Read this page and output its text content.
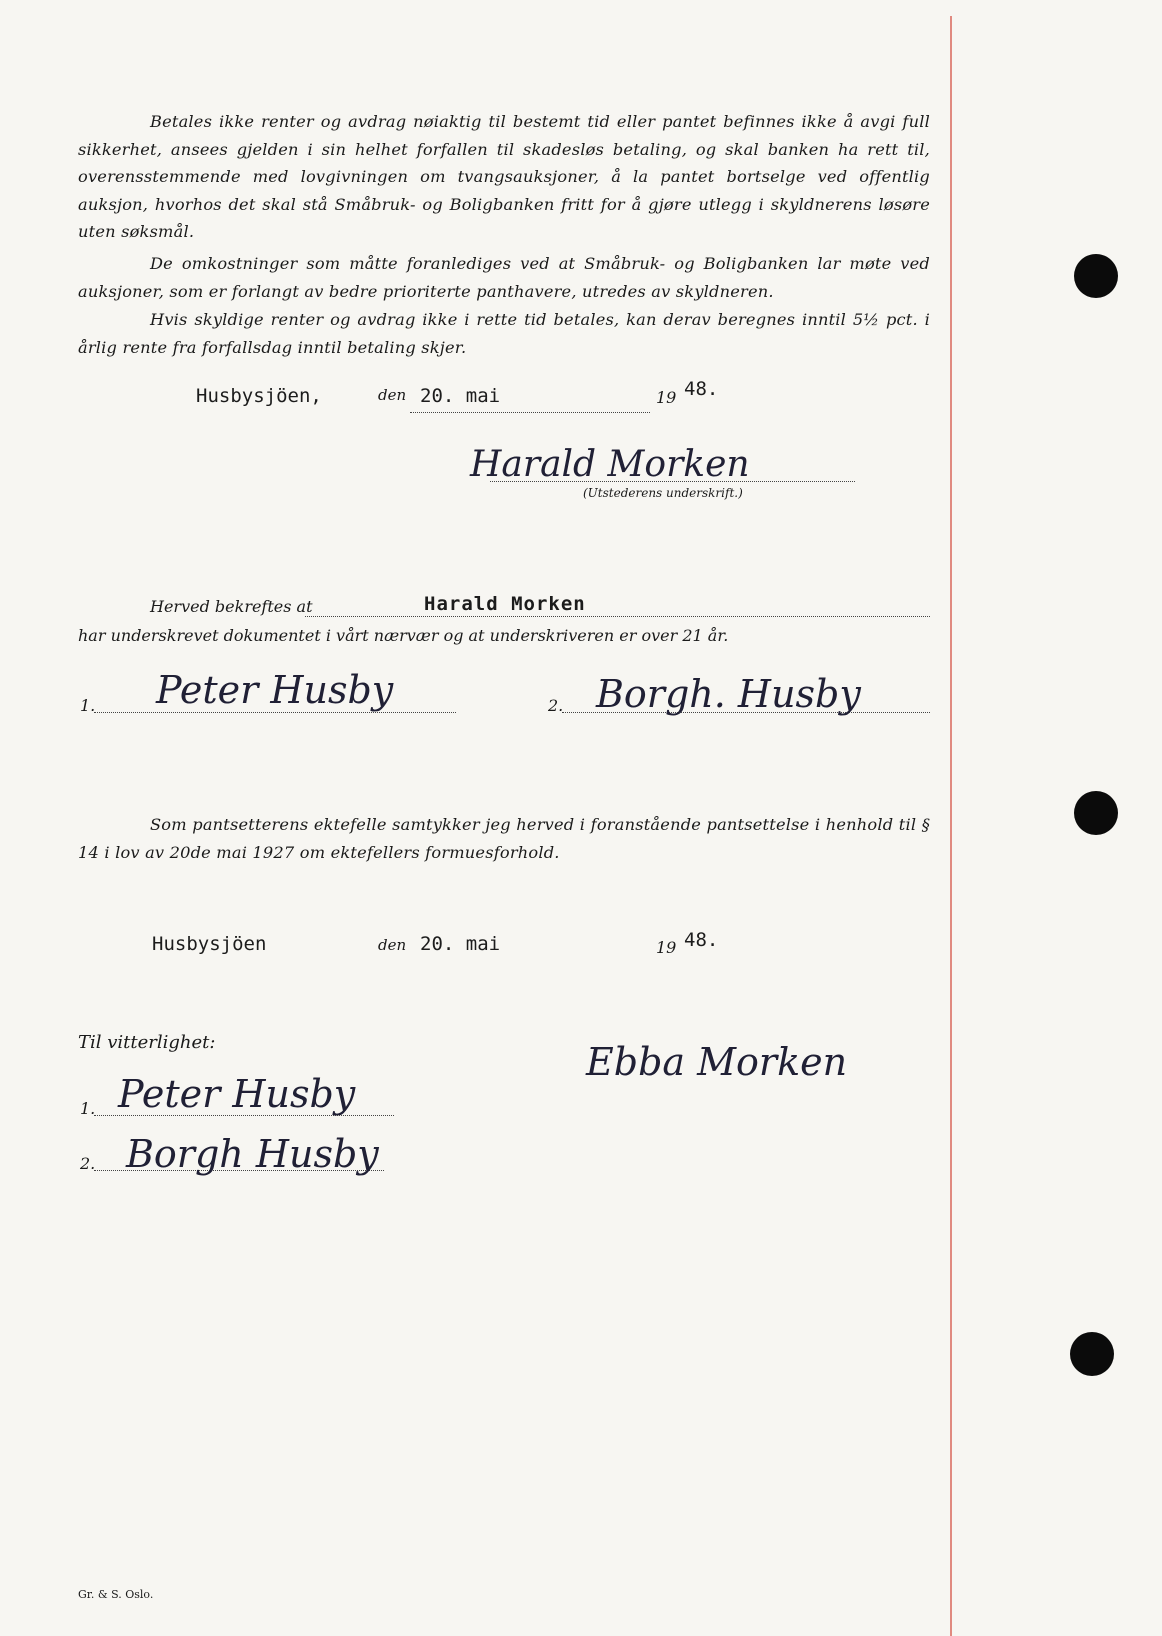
Betales ikke renter og avdrag nøiaktig til bestemt tid eller pantet befinnes ikke å avgi full sikkerhet, ansees gjelden i sin helhet forfallen til skadesløs betaling, og skal banken ha rett til, overensstemmende med lovgivningen om tvangsauksjoner, å la pantet bortselge ved offentlig auksjon, hvorhos det skal stå Småbruk- og Boligbanken fritt for å gjøre utlegg i skyldnerens løsøre uten søksmål.

De omkostninger som måtte foranlediges ved at Småbruk- og Boligbanken lar møte ved auksjoner, som er forlangt av bedre prioriterte panthavere, utredes av skyldneren.

Hvis skyldige renter og avdrag ikke i rette tid betales, kan derav beregnes inntil 5½ pct. i årlig rente fra forfallsdag inntil betaling skjer.

Husbysjöen,	den 20. mai	19 48.
Harald Morken
(Utstederens underskrift.)
Herved bekreftes at	Harald Morken
har underskrevet dokumentet i vårt nærvær og at underskriveren er over 21 år.
1. Peter Husby	2. Borgh. Husby

Som pantsetterens ektefelle samtykker jeg herved i foranstående pantsettelse i henhold til § 14 i lov av 20de mai 1927 om ektefellers formuesforhold.

Husbysjöen	den 20. mai	19 48.
Til vitterlighet:	Ebba Morken
1. Peter Husby
2. Borgh Husby
Gr. & S. Oslo.
